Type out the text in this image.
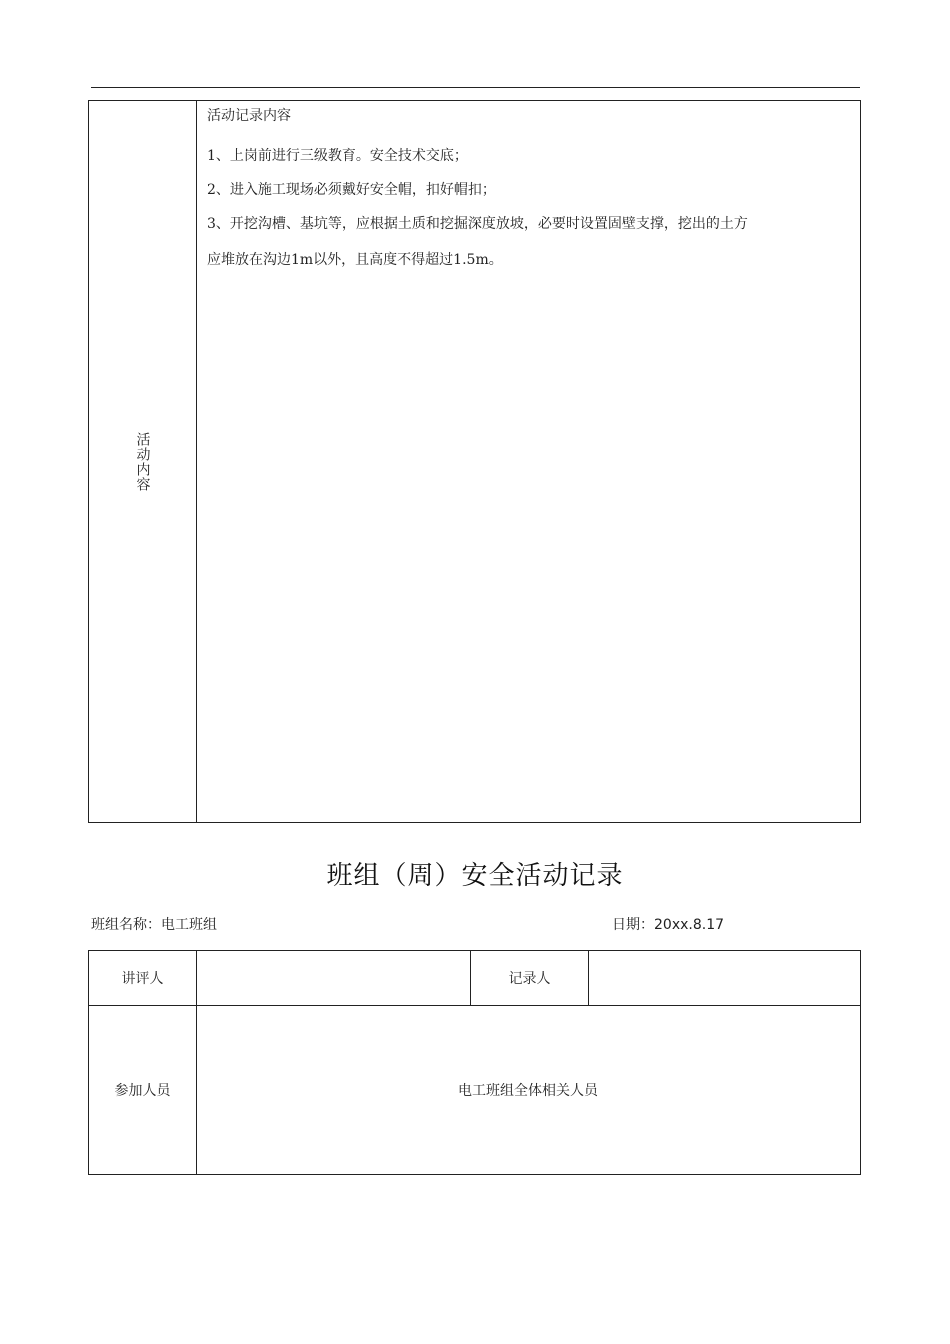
活动内容
活动记录内容
1、上岗前进行三级教育。安全技术交底；
2、进入施工现场必须戴好安全帽，扣好帽扣；
3、开挖沟槽、基坑等，应根据土质和挖掘深度放坡，必要时设置固壁支撑，挖出的土方
应堆放在沟边1m以外，且高度不得超过1.5m。
班组（周）安全活动记录
班组名称：电工班组	日期：20xx.8.17
讲评人	记录人
参加人员	电工班组全体相关人员
